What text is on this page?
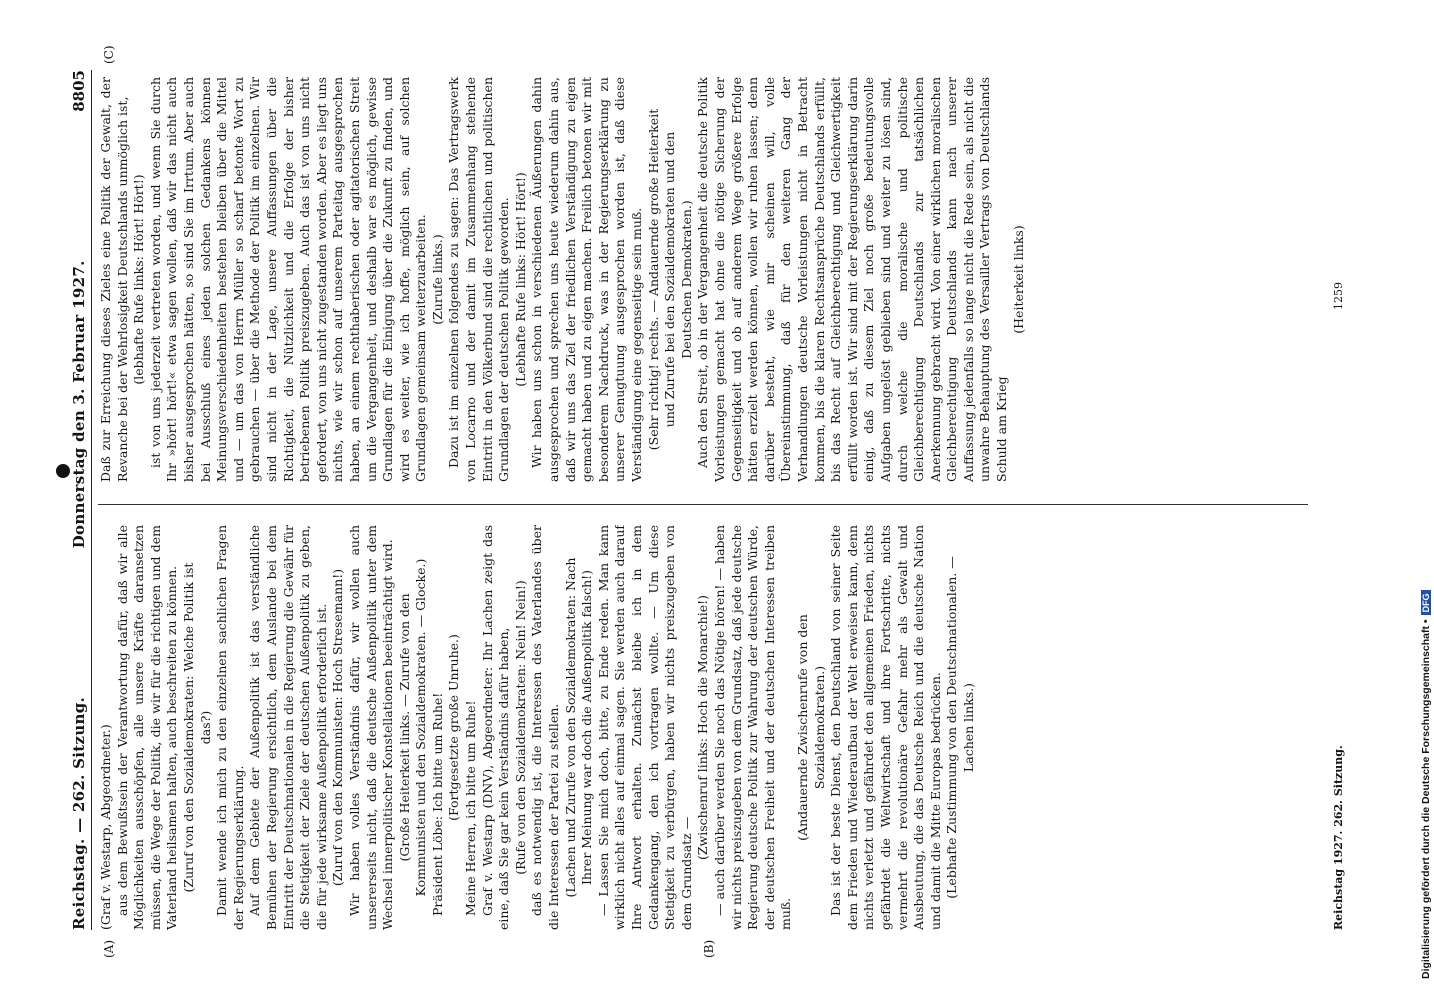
Reichstag. — 262. Sitzung.
Donnerstag den 3. Februar 1927.
8805
(A)	(B)
(C)

(Graf v. Westarp, Abgeordneter.) aus dem Bewußtsein der Verantwortung dafür, daß wir alle Möglichkeiten ausschöpfen, alle unsere Kräfte daransetzen müssen, die Wege der Politik, die wir für die richtigen und dem Vaterland heilsamen halten, auch beschreiten zu können. (Zuruf von den Sozialdemokraten: Welche Politik ist das?) Damit wende ich mich zu den einzelnen sachlichen Fragen der Regierungserklärung. Auf dem Gebiete der Außenpolitik ist das verständliche Bemühen der Regierung ersichtlich, dem Auslande bei dem Eintritt der Deutschnationalen in die Regierung die Gewähr für die Stetigkeit der Ziele der deutschen Außenpolitik zu geben, die für jede wirksame Außenpolitik erforderlich ist. (Zuruf von den Kommunisten: Hoch Stresemann!) Wir haben volles Verständnis dafür, wir wollen auch unsererseits nicht, daß die deutsche Außenpolitik unter dem Wechsel innerpolitischer Konstellationen beeinträchtigt wird. (Große Heiterkeit links. — Zurufe von den Kommunisten und den Sozialdemokraten. — Glocke.) Präsident Löbe: Ich bitte um Ruhe! (Fortgesetzte große Unruhe.) Meine Herren, ich bitte um Ruhe! Graf v. Westarp (DNV), Abgeordneter: Ihr Lachen zeigt das eine, daß Sie gar kein Verständnis dafür haben, (Rufe von den Sozialdemokraten: Nein! Nein!) daß es notwendig ist, die Interessen des Vaterlandes über die Interessen der Partei zu stellen. (Lachen und Zurufe von den Sozialdemokraten: Nach Ihrer Meinung war doch die Außenpolitik falsch!) — Lassen Sie mich doch, bitte, zu Ende reden. Man kann wirklich nicht alles auf einmal sagen. Sie werden auch darauf Ihre Antwort erhalten. Zunächst bleibe ich in dem Gedankengang, den ich vortragen wollte. — Um diese Stetigkeit zu verbürgen, haben wir nichts preiszugeben von dem Grundsatz —

(Zwischenruf links: Hoch die Monarchie!) — auch darüber werden Sie noch das Nötige hören! — haben wir nichts preiszugeben von dem Grundsatz, daß jede deutsche Regierung deutsche Politik zur Wahrung der deutschen Würde, der deutschen Freiheit und der deutschen Interessen treiben muß.

(Andauernde Zwischenrufe von den Sozialdemokraten.) Das ist der beste Dienst, den Deutschland von seiner Seite dem Frieden und Wiederaufbau der Welt erweisen kann, denn nichts verletzt und gefährdet den allgemeinen Frieden, nichts gefährdet die Weltwirtschaft und ihre Fortschritte, nichts vermehrt die revolutionäre Gefahr mehr als Gewalt und Ausbeutung, die das Deutsche Reich und die deutsche Nation und damit die Mitte Europas bedrücken. (Lebhafte Zustimmung von den Deutschnationalen. — Lachen links.)

Daß zur Erreichung dieses Zieles eine Politik der Gewalt, der Revanche bei der Wehrlosigkeit Deutschlands unmöglich ist, (lebhafte Rufe links: Hört! Hört!) ist von uns jederzeit vertreten worden, und wenn Sie durch Ihr »hört! hört!« etwa sagen wollen, daß wir das nicht auch bisher ausgesprochen hätten, so sind Sie im Irrtum. Aber auch bei Ausschluß eines jeden solchen Gedankens können Meinungsverschiedenheiten bestehen bleiben über die Mittel und — um das von Herrn Müller so scharf betonte Wort zu gebrauchen — über die Methode der Politik im einzelnen. Wir sind nicht in der Lage, unsere Auffassungen über die Richtigkeit, die Nützlichkeit und die Erfolge der bisher betriebenen Politik preiszugeben. Auch das ist von uns nicht gefordert, von uns nicht zugestanden worden. Aber es liegt uns nichts, wie wir schon auf unserem Parteitag ausgesprochen haben, an einem rechthaberischen oder agitatorischen Streit um die Vergangenheit, und deshalb war es möglich, gewisse Grundlagen für die Einigung über die Zukunft zu finden, und wird es weiter, wie ich hoffe, möglich sein, auf solchen Grundlagen gemeinsam weiterzuarbeiten. (Zurufe links.) Dazu ist im einzelnen folgendes zu sagen: Das Vertragswerk von Locarno und der damit im Zusammenhang stehende Eintritt in den Völkerbund sind die rechtlichen und politischen Grundlagen der deutschen Politik geworden. (Lebhafte Rufe links: Hört! Hört!) Wir haben uns schon in verschiedenen Äußerungen dahin ausgesprochen und sprechen uns heute wiederum dahin aus, daß wir uns das Ziel der friedlichen Verständigung zu eigen gemacht haben und zu eigen machen. Freilich betonen wir mit besonderem Nachdruck, was in der Regierungserklärung zu unserer Genugtuung ausgesprochen worden ist, daß diese Verständigung eine gegenseitige sein muß. (Sehr richtig! rechts. — Andauernde große Heiterkeit und Zurufe bei den Sozialdemokraten und den Deutschen Demokraten.) Auch den Streit, ob in der Vergangenheit die deutsche Politik Vorleistungen gemacht hat ohne die nötige Sicherung der Gegenseitigkeit und ob auf anderem Wege größere Erfolge hätten erzielt werden können, wollen wir ruhen lassen; denn darüber besteht, wie mir scheinen will, volle Übereinstimmung, daß für den weiteren Gang der Verhandlungen deutsche Vorleistungen nicht in Betracht kommen, bis die klaren Rechtsansprüche Deutschlands erfüllt, bis das Recht auf Gleichberechtigung und Gleichwertigkeit erfüllt worden ist. Wir sind mit der Regierungserklärung darin einig, daß zu diesem Ziel noch große bedeutungsvolle Aufgaben ungelöst geblieben sind und weiter zu lösen sind, durch welche die moralische und politische Gleichberechtigung Deutschlands zur tatsächlichen Anerkennung gebracht wird. Von einer wirklichen moralischen Gleichberechtigung Deutschlands kann nach unserer Auffassung jedenfalls so lange nicht die Rede sein, als nicht die unwahre Behauptung des Versailler Vertrags von Deutschlands Schuld am Krieg

(Heiterkeit links)

Reichstag 1927. 262. Sitzung.
1259
Digitalisierung gefördert durch die Deutsche Forschungsgemeinschaft •DFG
